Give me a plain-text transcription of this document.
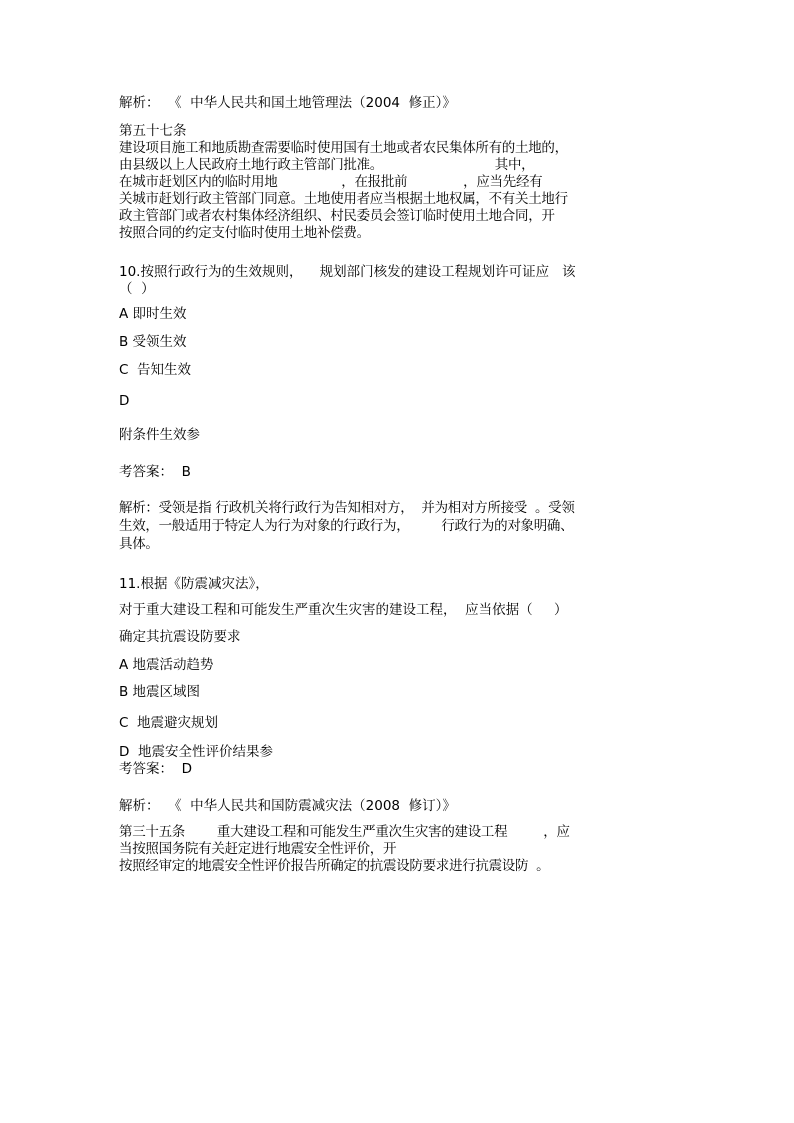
解析：  《  中华人民共和国土地管理法（2004  修正）》
第五十七条
建设项目施工和地质勘查需要临时使用国有土地或者农民集体所有的土地的，
由县级以上人民政府土地行政主管部门批准。                            其中，
在城市赶划区内的临时用地                ，在报批前              ，应当先经有
关城市赶划行政主管部门同意。土地使用者应当根据土地权属，不有关土地行
政主管部门或者农村集体经济组织、村民委员会签订临时使用土地合同，开
按照合同的约定支付临时使用土地补偿费。
10.按照行政行为的生效规则，    规划部门核发的建设工程规划许可证应   该
（  ）
A 即时生效
B 受领生效
C  告知生效
D
附条件生效参
考答案：  B
解析：受领是指 行政机关将行政行为告知相对方，  并为相对方所接受  。受领
生效，一般适用于特定人为行为对象的行政行为，        行政行为的对象明确、
具体。
11.根据《防震减灾法》，
对于重大建设工程和可能发生严重次生灾害的建设工程，  应当依据（     ）
确定其抗震设防要求
A 地震活动趋势
B 地震区域图
C  地震避灾规划
D  地震安全性评价结果参
考答案：  D
解析：  《  中华人民共和国防震减灾法（2008  修订）》
第三十五条        重大建设工程和可能发生严重次生灾害的建设工程         ，应
当按照国务院有关赶定进行地震安全性评价，开
按照经审定的地震安全性评价报告所确定的抗震设防要求进行抗震设防  。
